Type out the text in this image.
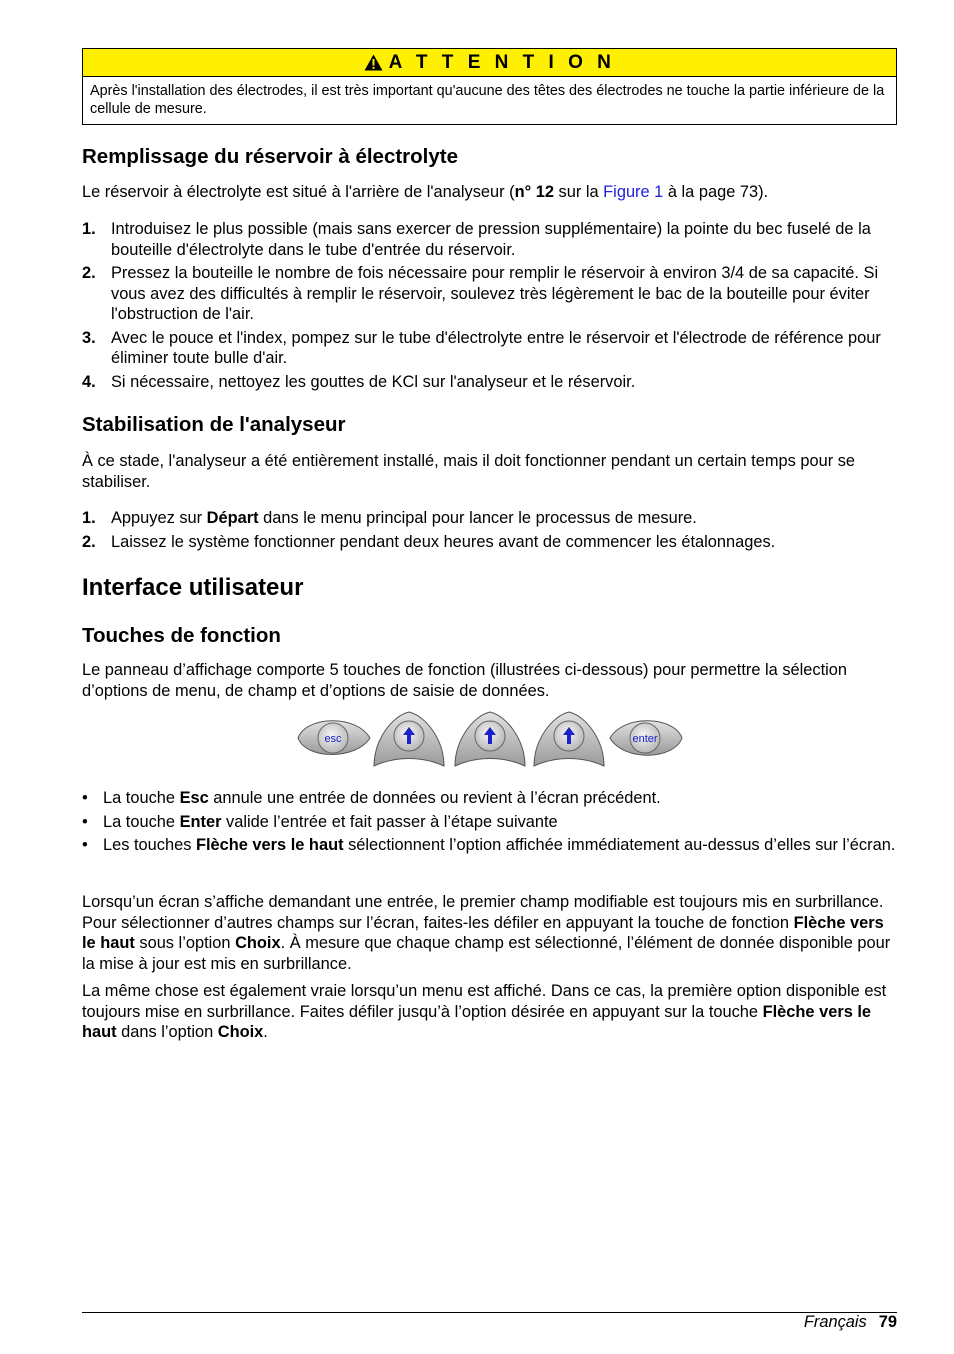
A T T E N T I O N
Après l'installation des électrodes, il est très important qu'aucune des têtes des électrodes ne touche la partie inférieure de la cellule de mesure.
Remplissage du réservoir à électrolyte

Le réservoir à électrolyte est situé à l'arrière de l'analyseur (n° 12 sur la Figure 1 à la page 73).

1. Introduisez le plus possible (mais sans exercer de pression supplémentaire) la pointe du bec fuselé de la bouteille d'électrolyte dans le tube d'entrée du réservoir.
2. Pressez la bouteille le nombre de fois nécessaire pour remplir le réservoir à environ 3/4 de sa capacité. Si vous avez des difficultés à remplir le réservoir, soulevez très légèrement le bac de la bouteille pour éviter l'obstruction de l'air.
3. Avec le pouce et l'index, pompez sur le tube d'électrolyte entre le réservoir et l'électrode de référence pour éliminer toute bulle d'air.
4. Si nécessaire, nettoyez les gouttes de KCl sur l'analyseur et le réservoir.
Stabilisation de l'analyseur

À ce stade, l'analyseur a été entièrement installé, mais il doit fonctionner pendant un certain temps pour se stabiliser.

1. Appuyez sur Départ dans le menu principal pour lancer le processus de mesure.
2. Laissez le système fonctionner pendant deux heures avant de commencer les étalonnages.
Interface utilisateur
Touches de fonction

Le panneau d’affichage comporte 5 touches de fonction (illustrées ci-dessous) pour permettre la sélection d’options de menu, de champ et d’options de saisie de données.

esc	enter
• La touche Esc annule une entrée de données ou revient à l’écran précédent.
• La touche Enter valide l’entrée et fait passer à l’étape suivante
• Les touches Flèche vers le haut sélectionnent l’option affichée immédiatement au-dessus d’elles sur l’écran.

Lorsqu’un écran s’affiche demandant une entrée, le premier champ modifiable est toujours mis en surbrillance. Pour sélectionner d’autres champs sur l’écran, faites-les défiler en appuyant la touche de fonction Flèche vers le haut sous l’option Choix. À mesure que chaque champ est sélectionné, l’élément de donnée disponible pour la mise à jour est mis en surbrillance.

La même chose est également vraie lorsqu’un menu est affiché. Dans ce cas, la première option disponible est toujours mise en surbrillance. Faites défiler jusqu’à l’option désirée en appuyant sur la touche Flèche vers le haut dans l’option Choix.

Français 79
